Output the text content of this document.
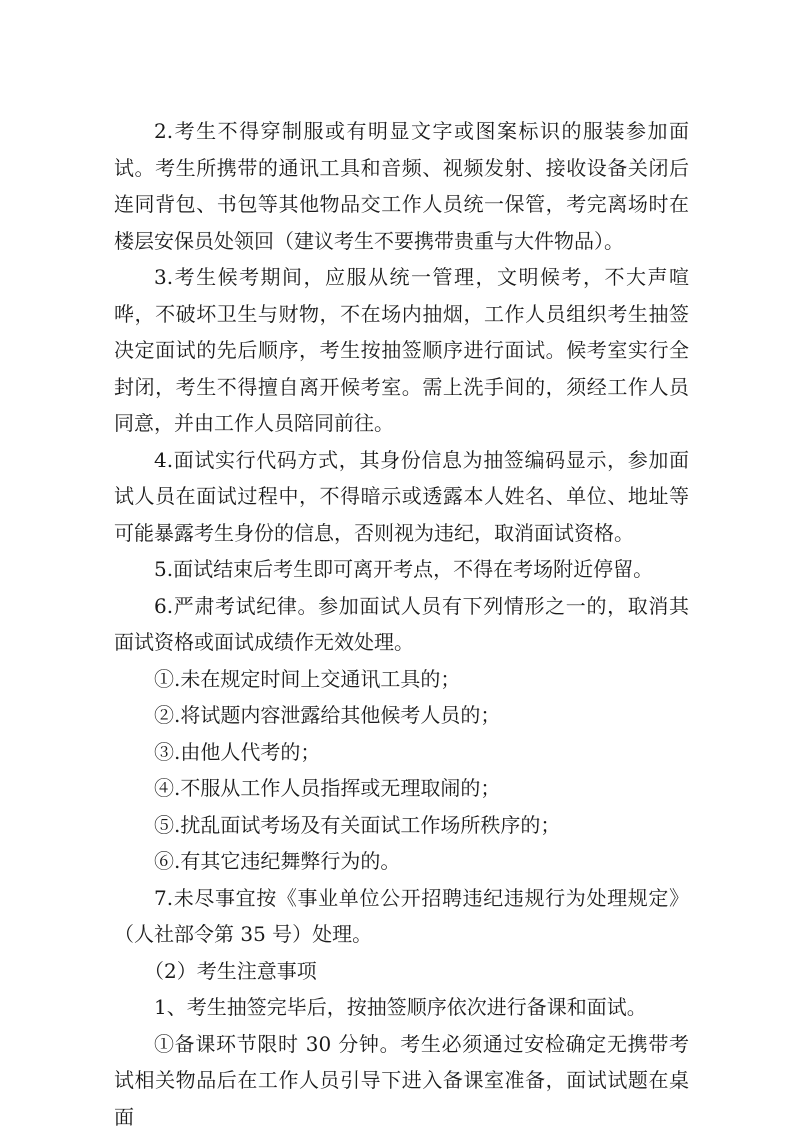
2.考生不得穿制服或有明显文字或图案标识的服装参加面试。考生所携带的通讯工具和音频、视频发射、接收设备关闭后连同背包、书包等其他物品交工作人员统一保管，考完离场时在楼层安保员处领回（建议考生不要携带贵重与大件物品）。

3.考生候考期间，应服从统一管理，文明候考，不大声喧哗，不破坏卫生与财物，不在场内抽烟，工作人员组织考生抽签决定面试的先后顺序，考生按抽签顺序进行面试。候考室实行全封闭，考生不得擅自离开候考室。需上洗手间的，须经工作人员同意，并由工作人员陪同前往。

4.面试实行代码方式，其身份信息为抽签编码显示，参加面试人员在面试过程中，不得暗示或透露本人姓名、单位、地址等可能暴露考生身份的信息，否则视为违纪，取消面试资格。

5.面试结束后考生即可离开考点，不得在考场附近停留。

6.严肃考试纪律。参加面试人员有下列情形之一的，取消其面试资格或面试成绩作无效处理。

①.未在规定时间上交通讯工具的；

②.将试题内容泄露给其他候考人员的；

③.由他人代考的；

④.不服从工作人员指挥或无理取闹的；

⑤.扰乱面试考场及有关面试工作场所秩序的；

⑥.有其它违纪舞弊行为的。

7.未尽事宜按《事业单位公开招聘违纪违规行为处理规定》（人社部令第 35 号）处理。

（2）考生注意事项

1、考生抽签完毕后，按抽签顺序依次进行备课和面试。

①备课环节限时 30 分钟。考生必须通过安检确定无携带考试相关物品后在工作人员引导下进入备课室准备，面试试题在桌面
